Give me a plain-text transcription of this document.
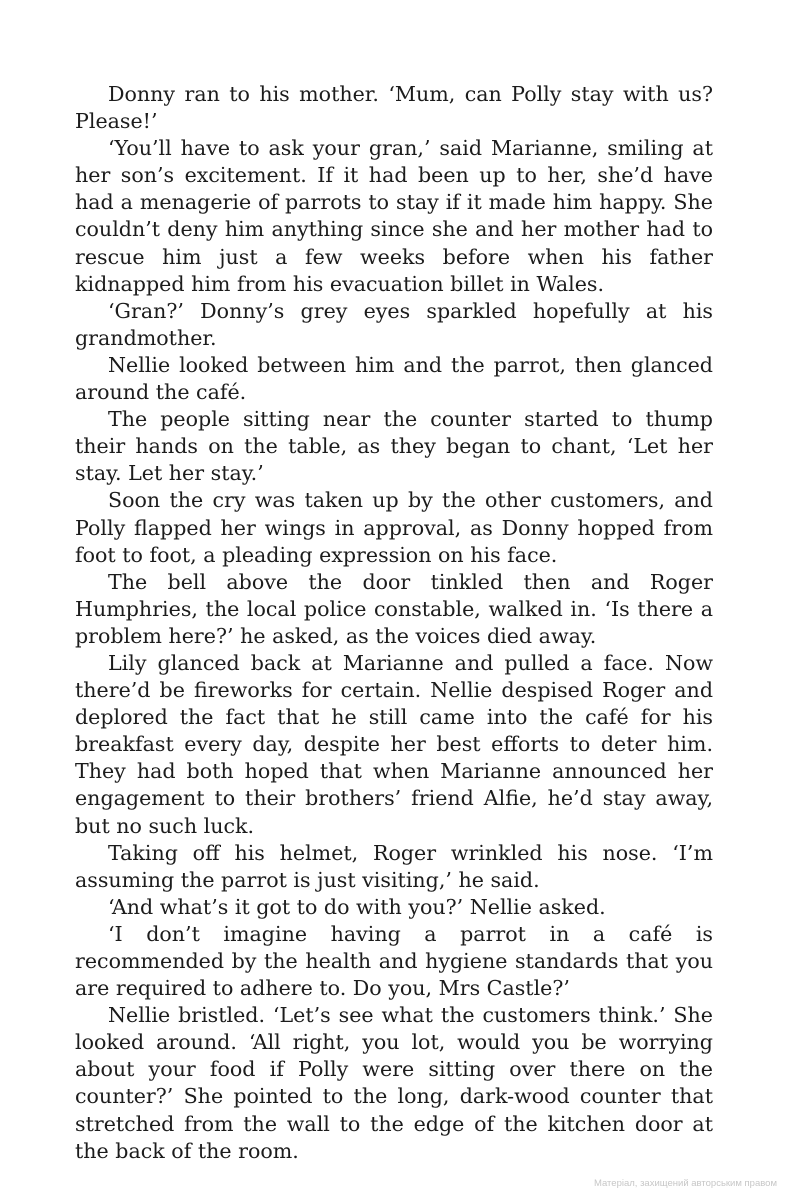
Donny ran to his mother. ‘Mum, can Polly stay with us? Please!’

‘You’ll have to ask your gran,’ said Marianne, smiling at her son’s excitement. If it had been up to her, she’d have had a menagerie of parrots to stay if it made him happy. She couldn’t deny him anything since she and her mother had to rescue him just a few weeks before when his father kidnapped him from his evacuation billet in Wales.

‘Gran?’ Donny’s grey eyes sparkled hopefully at his grandmother.

Nellie looked between him and the parrot, then glanced around the café.

The people sitting near the counter started to thump their hands on the table, as they began to chant, ‘Let her stay. Let her stay.’

Soon the cry was taken up by the other customers, and Polly flapped her wings in approval, as Donny hopped from foot to foot, a pleading expression on his face.

The bell above the door tinkled then and Roger Humphries, the local police constable, walked in. ‘Is there a problem here?’ he asked, as the voices died away.

Lily glanced back at Marianne and pulled a face. Now there’d be fireworks for certain. Nellie despised Roger and deplored the fact that he still came into the café for his breakfast every day, despite her best efforts to deter him. They had both hoped that when Marianne announced her engagement to their brothers’ friend Alfie, he’d stay away, but no such luck.

Taking off his helmet, Roger wrinkled his nose. ‘I’m assuming the parrot is just visiting,’ he said.

‘And what’s it got to do with you?’ Nellie asked.

‘I don’t imagine having a parrot in a café is recommended by the health and hygiene standards that you are required to adhere to. Do you, Mrs Castle?’

Nellie bristled. ‘Let’s see what the customers think.’ She looked around. ‘All right, you lot, would you be worrying about your food if Polly were sitting over there on the counter?’ She pointed to the long, dark-wood counter that stretched from the wall to the edge of the kitchen door at the back of the room.

Матеріал, захищений авторським правом
